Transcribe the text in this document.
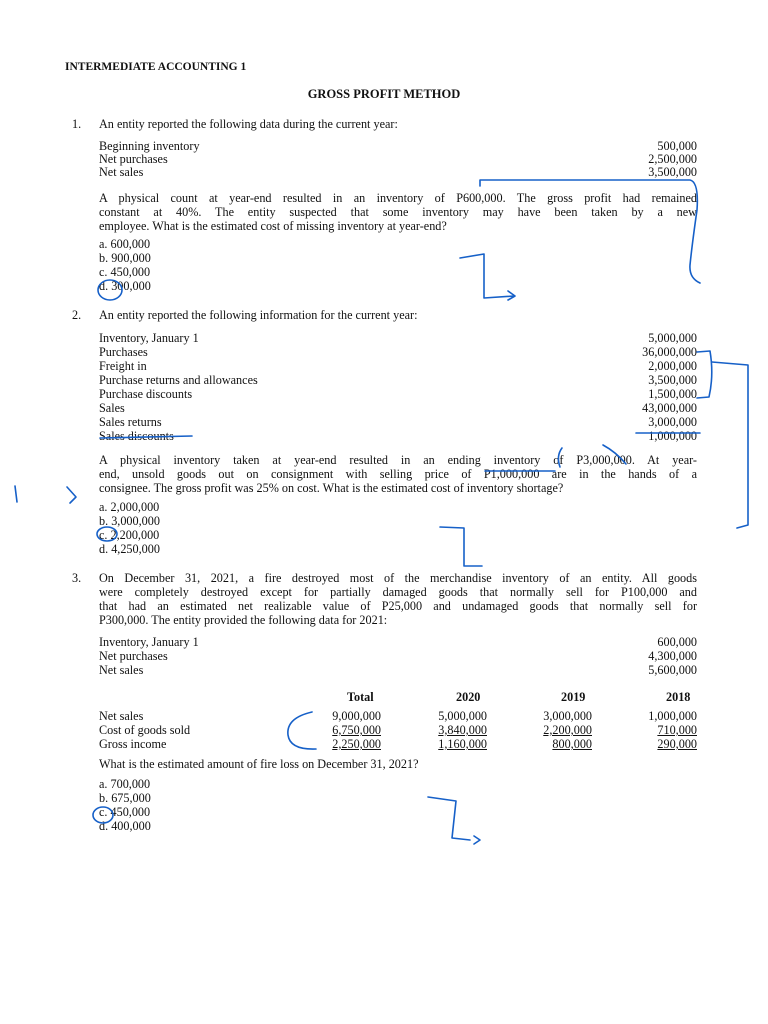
INTERMEDIATE ACCOUNTING 1
GROSS PROFIT METHOD
1. An entity reported the following data during the current year:
Beginning inventory	500,000
Net purchases	2,500,000
Net sales	3,500,000
A physical count at year-end resulted in an inventory of P600,000. The gross profit had remained
constant at 40%. The entity suspected that some inventory may have been taken by a new
employee. What is the estimated cost of missing inventory at year-end?
a. 600,000
b. 900,000
c. 450,000
d. 300,000
2. An entity reported the following information for the current year:
Inventory, January 1	5,000,000
Purchases	36,000,000
Freight in	2,000,000
Purchase returns and allowances	3,500,000
Purchase discounts	1,500,000
Sales	43,000,000
Sales returns	3,000,000
Sales discounts	1,000,000
A physical inventory taken at year-end resulted in an ending inventory of P3,000,000. At year-
end, unsold goods out on consignment with selling price of P1,000,000 are in the hands of a
consignee. The gross profit was 25% on cost. What is the estimated cost of inventory shortage?
a. 2,000,000
b. 3,000,000
c. 2,200,000
d. 4,250,000
3. On December 31, 2021, a fire destroyed most of the merchandise inventory of an entity. All goods
were completely destroyed except for partially damaged goods that normally sell for P100,000 and
that had an estimated net realizable value of P25,000 and undamaged goods that normally sell for
P300,000. The entity provided the following data for 2021:
Inventory, January 1	600,000
Net purchases	4,300,000
Net sales	5,600,000
Total	2020	2019	2018
Net sales	9,000,000	5,000,000	3,000,000	1,000,000
Cost of goods sold	6,750,000	3,840,000	2,200,000	710,000
Gross income	2,250,000	1,160,000	800,000	290,000
What is the estimated amount of fire loss on December 31, 2021?
a. 700,000
b. 675,000
c. 450,000
d. 400,000
